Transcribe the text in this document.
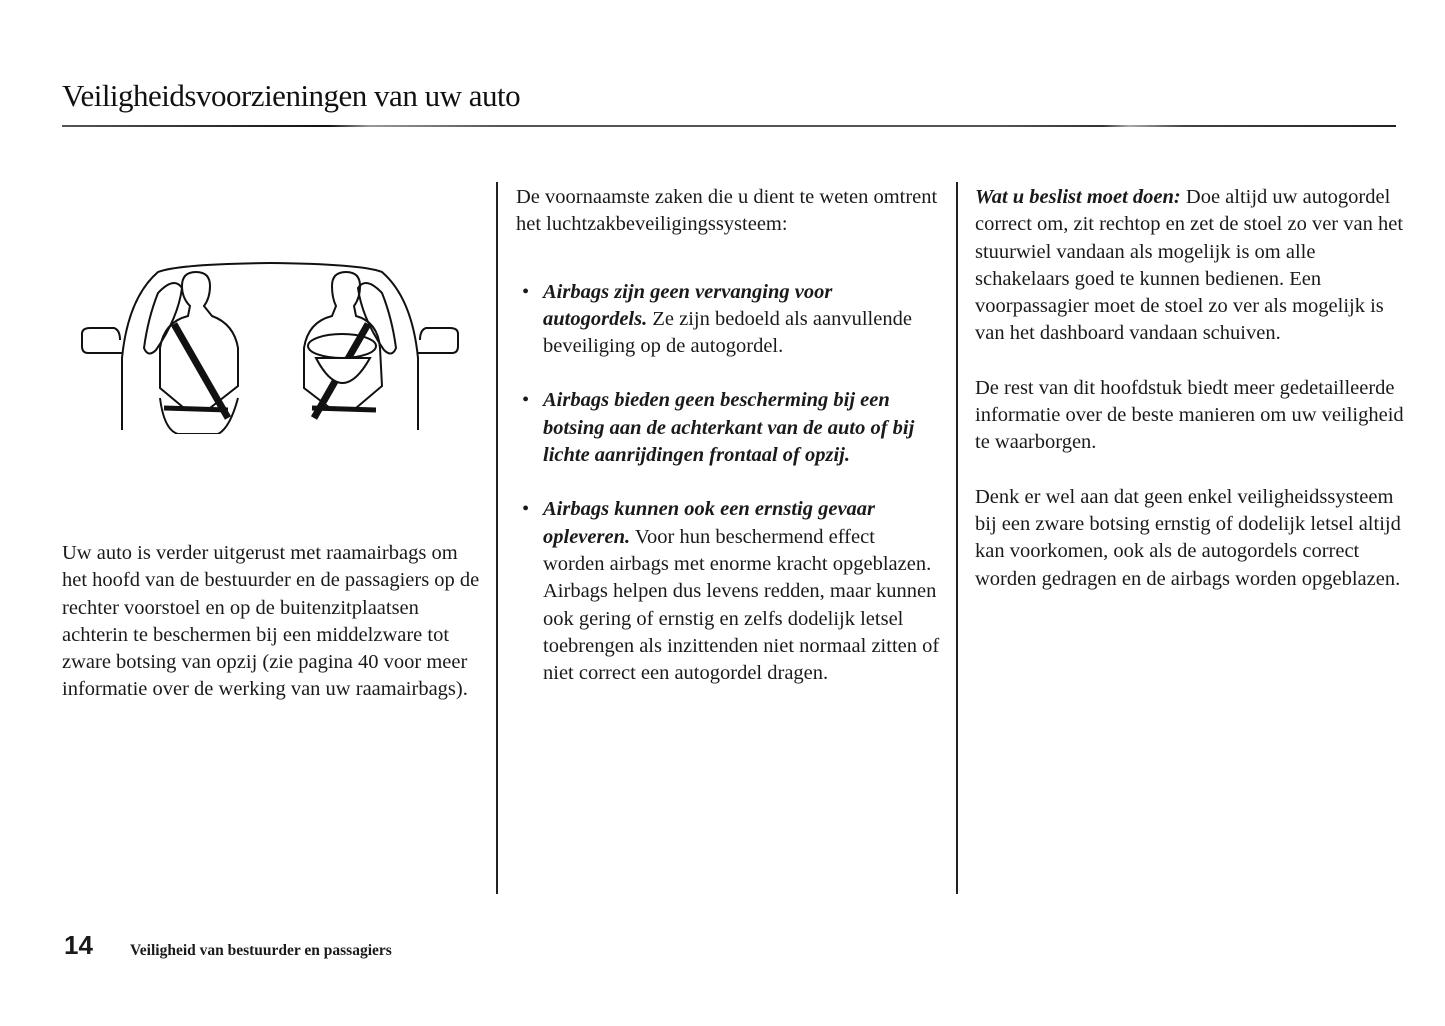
Veiligheidsvoorzieningen van uw auto

Uw auto is verder uitgerust met raamairbags om het hoofd van de bestuurder en de passagiers op de rechter voorstoel en op de buitenzitplaatsen achterin te beschermen bij een middelzware tot zware botsing van opzij (zie pagina 40 voor meer informatie over de werking van uw raamairbags).

De voornaamste zaken die u dient te weten omtrent het luchtzakbeveiligingssysteem:

• Airbags zijn geen vervanging voor autogordels. Ze zijn bedoeld als aanvullende beveiliging op de autogordel.
• Airbags bieden geen bescherming bij een botsing aan de achterkant van de auto of bij lichte aanrijdingen frontaal of opzij.
• Airbags kunnen ook een ernstig gevaar opleveren. Voor hun beschermend effect worden airbags met enorme kracht opgeblazen. Airbags helpen dus levens redden, maar kunnen ook gering of ernstig en zelfs dodelijk letsel toebrengen als inzittenden niet normaal zitten of niet correct een autogordel dragen.

Wat u beslist moet doen: Doe altijd uw autogordel correct om, zit rechtop en zet de stoel zo ver van het stuurwiel vandaan als mogelijk is om alle schakelaars goed te kunnen bedienen. Een voorpassagier moet de stoel zo ver als mogelijk is van het dashboard vandaan schuiven.

De rest van dit hoofdstuk biedt meer gedetailleerde informatie over de beste manieren om uw veiligheid te waarborgen.

Denk er wel aan dat geen enkel veiligheidssysteem bij een zware botsing ernstig of dodelijk letsel altijd kan voorkomen, ook als de autogordels correct worden gedragen en de airbags worden opgeblazen.

14 Veiligheid van bestuurder en passagiers
